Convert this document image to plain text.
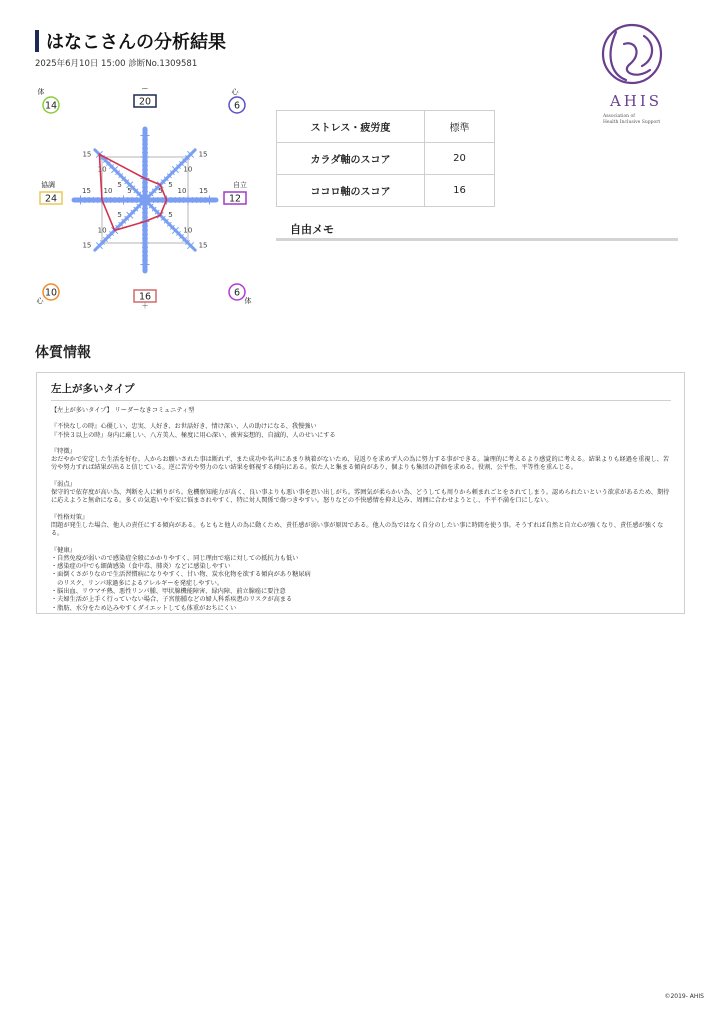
はなこさんの分析結果
2025年6月10日 15:00 診断No.1309581
AHIS
Association of
Health Inclusive Support
5
10
15
5
10
15
5
10
15
5
10
15
5 10 15
5
10
15
20
ー
6
心
12
自立
6
体
16
＋
10
心
24
協調
14
体
ストレス・疲労度	標準
カラダ軸のスコア	20
ココロ軸のスコア	16
自由メモ
体質情報
左上が多いタイプ

【左上が多いタイプ】 リーダーなきコミュニティ型

『不快なしの時』心優しい、忠実、人好き、お世話好き、情け深い、人の助けになる、我慢強い
『不快３以上の時』身内に厳しい、八方美人、極度に用心深い、被害妄想的、自滅的、人のせいにする

『特徴』
おだやかで安定した生活を好む。人からお願いされた事は断れず、また成功や名声にあまり執着がないため、見返りを求めず人の為に努力する事ができる。論理的に考えるより感覚的に考える。結果よりも経過を重視し、苦労や努力すれば結果が出ると信じている。逆に苦労や努力のない結果を軽視する傾向にある。似た人と集まる傾向があり、個よりも集団の評価を求める。役割、公平性、平等性を重んじる。

『弱点』
保守的で依存度が高い為、判断を人に頼りがち。危機察知能力が高く、良い事よりも悪い事を思い出しがち。雰囲気が柔らかい為、どうしても周りから頼まれごとをされてしまう。認められたいという欲求があるため、期待に応えようと無命になる。多くの気遣いや不安に悩まされやすく、特に対人関係で傷つきやすい。怒りなどの不快感情を抑え込み、周囲に合わせようとし、不平不満を口にしない。

『性格対策』
問題が発生した場合、他人の責任にする傾向がある。もともと他人の為に動くため、責任感が弱い事が原因である。他人の為ではなく自分のしたい事に時間を使う事。そうすれば自然と自立心が強くなり、責任感が強くなる。

『健康』
・自然免疫が弱いので感染症全般にかかりやすく、同じ理由で癌に対しての抵抗力も低い
・感染症の中でも細菌感染（食中毒、肺炎）などに感染しやすい
・面倒くさがりなので生活習慣病になりやすく、甘い物、炭水化物を欲する傾向があり糖尿病
　のリスク、リンパ球過多によるアレルギーを発症しやすい。
・脳出血、リウマチ熱、悪性リンパ腫、甲状腺機能障害、緑内障、前立腺癌に要注意
・夫婦生活が上手く行っていない場合、子宮筋腫などの婦人科系疾患のリスクが高まる
・脂肪、水分をため込みやすくダイエットしても体重がおちにくい

©2019- AHIS
